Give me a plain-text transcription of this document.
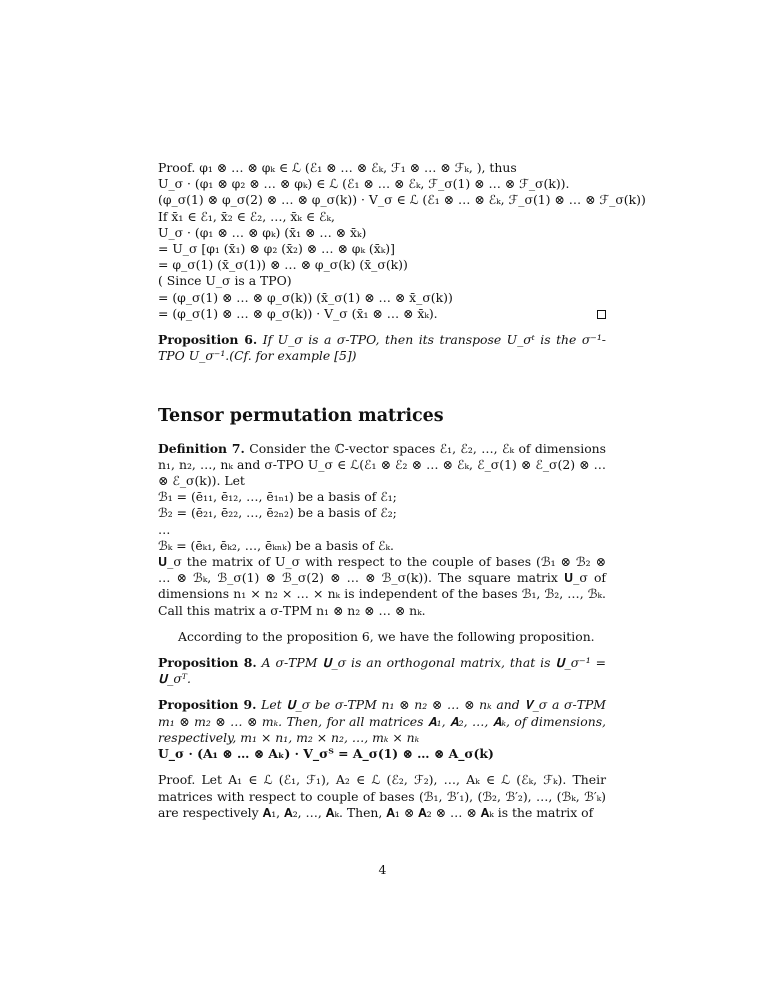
Proof. φ₁ ⊗ … ⊗ φₖ ∈ ℒ (ℰ₁ ⊗ … ⊗ ℰₖ, ℱ₁ ⊗ … ⊗ ℱₖ, ), thus
U_σ · (φ₁ ⊗ φ₂ ⊗ … ⊗ φₖ) ∈ ℒ (ℰ₁ ⊗ … ⊗ ℰₖ, ℱ_σ(1) ⊗ … ⊗ ℱ_σ(k)).
(φ_σ(1) ⊗ φ_σ(2) ⊗ … ⊗ φ_σ(k)) · V_σ ∈ ℒ (ℰ₁ ⊗ … ⊗ ℰₖ, ℱ_σ(1) ⊗ … ⊗ ℱ_σ(k))
If x̄₁ ∈ ℰ₁, x̄₂ ∈ ℰ₂, …, x̄ₖ ∈ ℰₖ,
U_σ · (φ₁ ⊗ … ⊗ φₖ) (x̄₁ ⊗ … ⊗ x̄ₖ)
= U_σ [φ₁ (x̄₁) ⊗ φ₂ (x̄₂) ⊗ … ⊗ φₖ (x̄ₖ)]
= φ_σ(1) (x̄_σ(1)) ⊗ … ⊗ φ_σ(k) (x̄_σ(k))
( Since U_σ is a TPO)
= (φ_σ(1) ⊗ … ⊗ φ_σ(k)) (x̄_σ(1) ⊗ … ⊗ x̄_σ(k))
= (φ_σ(1) ⊗ … ⊗ φ_σ(k)) · V_σ (x̄₁ ⊗ … ⊗ x̄ₖ).
Proposition 6. If U_σ is a σ-TPO, then its transpose U_σᵗ is the σ⁻¹-TPO U_σ⁻¹.(Cf. for example [5])
Tensor permutation matrices
Definition 7. Consider the ℂ-vector spaces ℰ₁, ℰ₂, …, ℰₖ of dimensions n₁, n₂, …, nₖ and σ-TPO U_σ ∈ ℒ(ℰ₁ ⊗ ℰ₂ ⊗ … ⊗ ℰₖ, ℰ_σ(1) ⊗ ℰ_σ(2) ⊗ … ⊗ ℰ_σ(k)). Let
ℬ₁ = (ē₁₁, ē₁₂, …, ē₁ₙ₁) be a basis of ℰ₁;
ℬ₂ = (ē₂₁, ē₂₂, …, ē₂ₙ₂) be a basis of ℰ₂;
…
ℬₖ = (ēₖ₁, ēₖ₂, …, ēₖₙₖ) be a basis of ℰₖ.
𝐔_σ the matrix of U_σ with respect to the couple of bases (ℬ₁ ⊗ ℬ₂ ⊗ … ⊗ ℬₖ, ℬ_σ(1) ⊗ ℬ_σ(2) ⊗ … ⊗ ℬ_σ(k)). The square matrix 𝐔_σ of dimensions n₁ × n₂ × … × nₖ is independent of the bases ℬ₁, ℬ₂, …, ℬₖ. Call this matrix a σ-TPM n₁ ⊗ n₂ ⊗ … ⊗ nₖ.
According to the proposition 6, we have the following proposition.
Proposition 8. A σ-TPM 𝐔_σ is an orthogonal matrix, that is 𝐔_σ⁻¹ = 𝐔_σᵀ.
Proposition 9. Let 𝐔_σ be σ-TPM n₁ ⊗ n₂ ⊗ … ⊗ nₖ and 𝐕_σ a σ-TPM m₁ ⊗ m₂ ⊗ … ⊗ mₖ. Then, for all matrices 𝐀₁, 𝐀₂, …, 𝐀ₖ, of dimensions, respectively, m₁ × n₁, m₂ × n₂, …, mₖ × nₖ
𝐔_σ · (𝐀₁ ⊗ … ⊗ 𝐀ₖ) · 𝐕_σᵀ = 𝐀_σ(1) ⊗ … ⊗ 𝐀_σ(k)
Proof. Let A₁ ∈ ℒ (ℰ₁, ℱ₁), A₂ ∈ ℒ (ℰ₂, ℱ₂), …, Aₖ ∈ ℒ (ℰₖ, ℱₖ). Their matrices with respect to couple of bases (ℬ₁, ℬ′₁), (ℬ₂, ℬ′₂), …, (ℬₖ, ℬ′ₖ) are respectively 𝐀₁, 𝐀₂, …, 𝐀ₖ. Then, 𝐀₁ ⊗ 𝐀₂ ⊗ … ⊗ 𝐀ₖ is the matrix of
4
